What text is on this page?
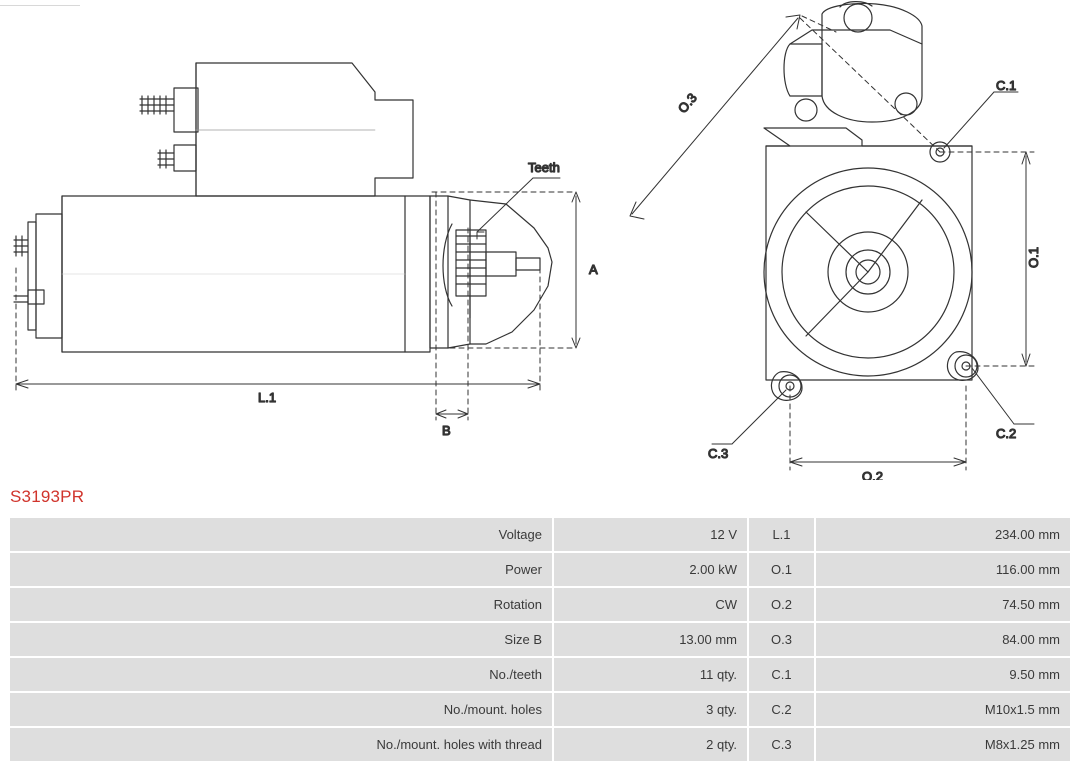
A
L.1
B
Teeth
O.1
O.2
O.3
C.1
C.2
C.3
S3193PR
Voltage	12 V	L.1	234.00 mm
Power	2.00 kW	O.1	116.00 mm
Rotation	CW	O.2	74.50 mm
Size B	13.00 mm	O.3	84.00 mm
No./teeth	11 qty.	C.1	9.50 mm
No./mount. holes	3 qty.	C.2	M10x1.5 mm
No./mount. holes with thread	2 qty.	C.3	M8x1.25 mm
